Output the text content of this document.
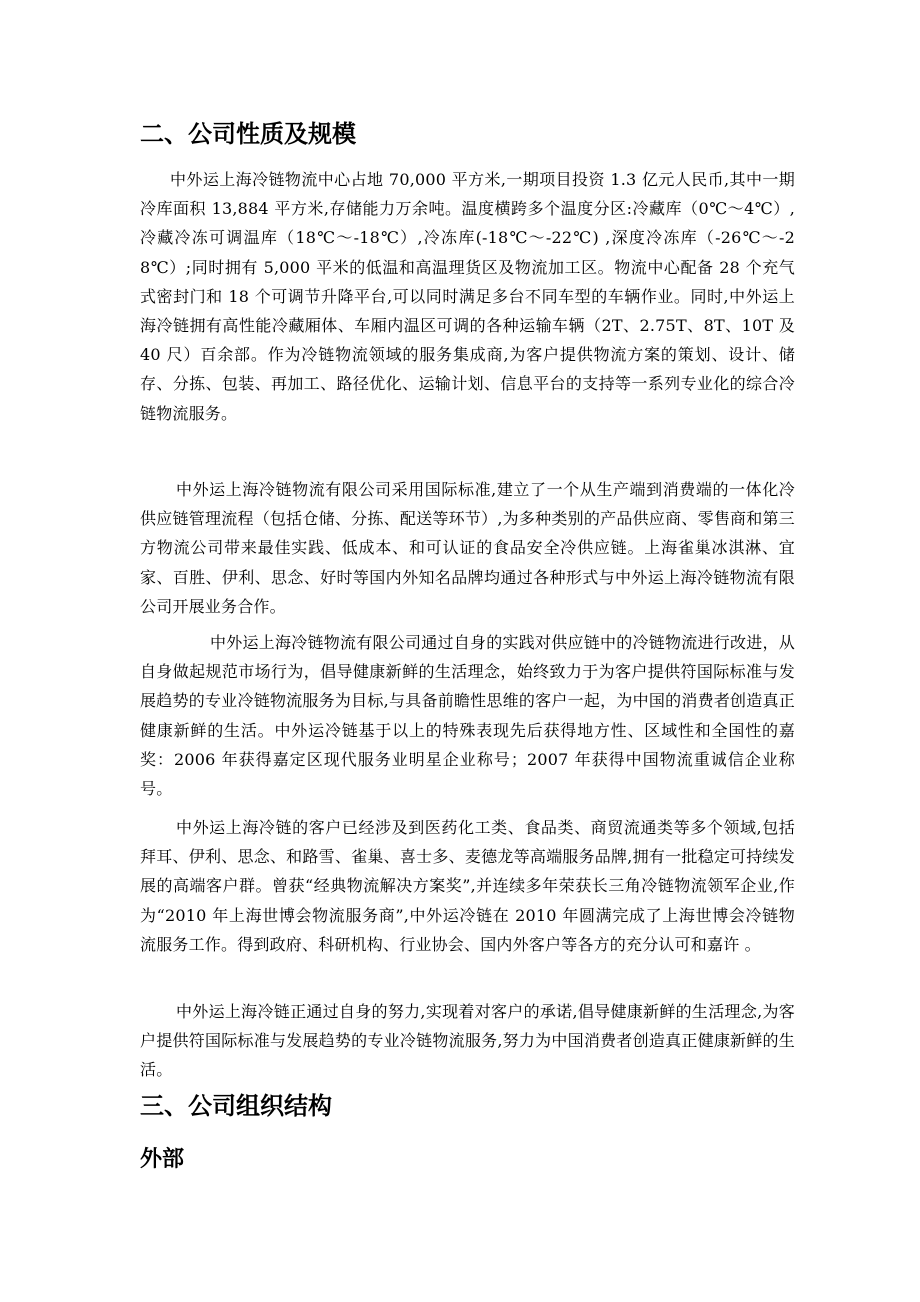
二、公司性质及规模

中外运上海冷链物流中心占地 70,000 平方米,一期项目投资 1.3 亿元人民币,其中一期冷库面积 13,884 平方米,存储能力万余吨。温度横跨多个温度分区:冷藏库（0℃～4℃）,冷藏冷冻可调温库（18℃～-18℃）,冷冻库(-18℃～-22℃) ,深度冷冻库（-26℃～-28℃）;同时拥有 5,000 平米的低温和高温理货区及物流加工区。物流中心配备 28 个充气式密封门和 18 个可调节升降平台,可以同时满足多台不同车型的车辆作业。同时,中外运上海冷链拥有高性能冷藏厢体、车厢内温区可调的各种运输车辆（2T、2.75T、8T、10T 及 40 尺）百余部。作为冷链物流领域的服务集成商,为客户提供物流方案的策划、设计、储存、分拣、包装、再加工、路径优化、运输计划、信息平台的支持等一系列专业化的综合冷链物流服务。

中外运上海冷链物流有限公司采用国际标准,建立了一个从生产端到消费端的一体化冷供应链管理流程（包括仓储、分拣、配送等环节）,为多种类别的产品供应商、零售商和第三方物流公司带来最佳实践、低成本、和可认证的食品安全冷供应链。上海雀巢冰淇淋、宜家、百胜、伊利、思念、好时等国内外知名品牌均通过各种形式与中外运上海冷链物流有限公司开展业务合作。

中外运上海冷链物流有限公司通过自身的实践对供应链中的冷链物流进行改进，从自身做起规范市场行为，倡导健康新鲜的生活理念，始终致力于为客户提供符国际标准与发展趋势的专业冷链物流服务为目标,与具备前瞻性思维的客户一起，为中国的消费者创造真正健康新鲜的生活。中外运冷链基于以上的特殊表现先后获得地方性、区域性和全国性的嘉奖：2006 年获得嘉定区现代服务业明星企业称号；2007 年获得中国物流重诚信企业称号。

中外运上海冷链的客户已经涉及到医药化工类、食品类、商贸流通类等多个领域,包括拜耳、伊利、思念、和路雪、雀巢、喜士多、麦德龙等高端服务品牌,拥有一批稳定可持续发展的高端客户群。曾获“经典物流解决方案奖”,并连续多年荣获长三角冷链物流领军企业,作为“2010 年上海世博会物流服务商”,中外运冷链在 2010 年圆满完成了上海世博会冷链物流服务工作。得到政府、科研机构、行业协会、国内外客户等各方的充分认可和嘉许 。

中外运上海冷链正通过自身的努力,实现着对客户的承诺,倡导健康新鲜的生活理念,为客户提供符国际标准与发展趋势的专业冷链物流服务,努力为中国消费者创造真正健康新鲜的生活。

三、公司组织结构
外部
